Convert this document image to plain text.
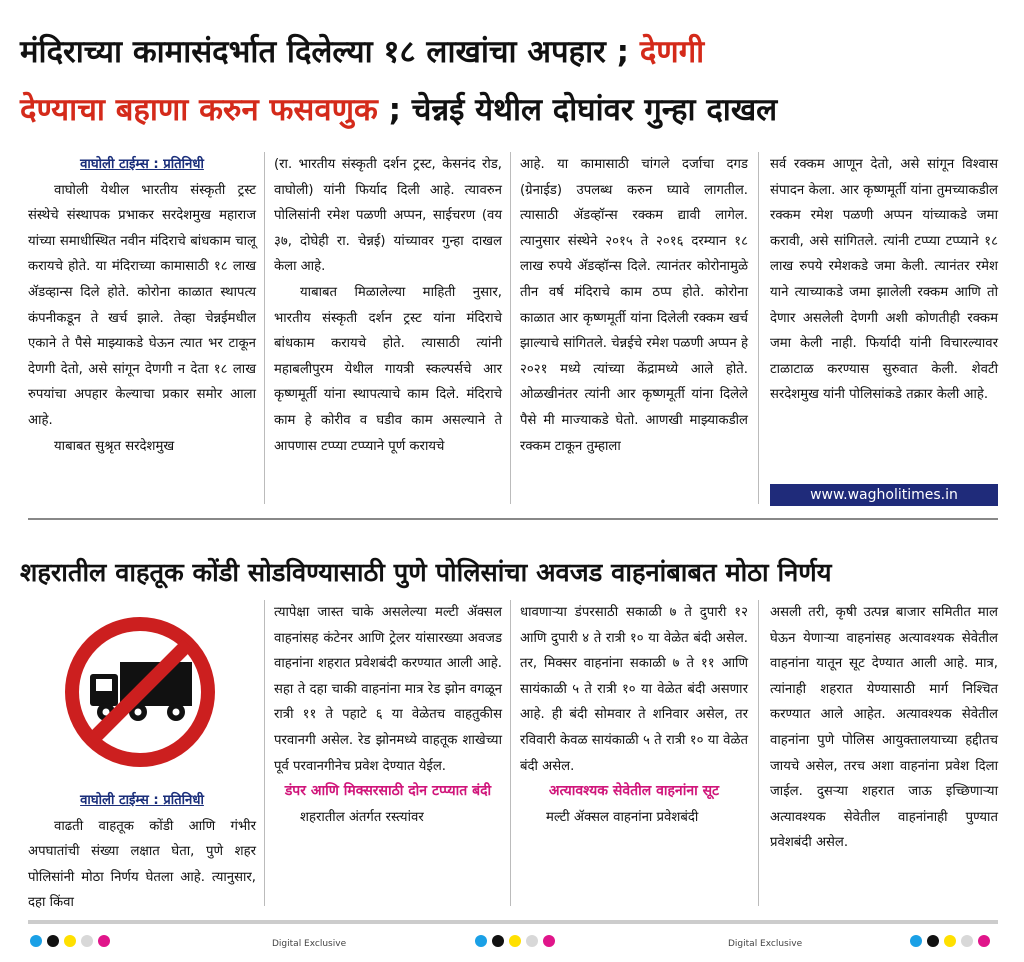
मंदिराच्या कामासंदर्भात दिलेल्या १८ लाखांचा अपहार ; देणगी
देण्याचा बहाणा करुन फसवणुक ; चेन्नई येथील दोघांवर गुन्हा दाखल
वाघोली टाईम्स : प्रतिनिधी

वाघोली येथील भारतीय संस्कृती ट्रस्ट संस्थेचे संस्थापक प्रभाकर सरदेशमुख महाराज यांच्या समाधीस्थित नवीन मंदिराचे बांधकाम चालू करायचे होते. या मंदिराच्या कामासाठी १८ लाख ॲडव्हान्स दिले होते. कोरोना काळात स्थापत्य कंपनीकडून ते खर्च झाले. तेव्हा चेन्नईमधील एकाने ते पैसे माझ्याकडे घेऊन त्यात भर टाकून देणगी देतो, असे सांगून देणगी न देता १८ लाख रुपयांचा अपहार केल्याचा प्रकार समोर आला आहे.

याबाबत सुश्रृत सरदेशमुख

(रा. भारतीय संस्कृती दर्शन ट्रस्ट, केसनंद रोड, वाघोली) यांनी फिर्याद दिली आहे. त्यावरुन पोलिसांनी रमेश पळणी अप्पन, साईचरण (वय ३७, दोघेही रा. चेन्नई) यांच्यावर गुन्हा दाखल केला आहे.

याबाबत मिळालेल्या माहिती नुसार, भारतीय संस्कृती दर्शन ट्रस्ट यांना मंदिराचे बांधकाम करायचे होते. त्यासाठी त्यांनी महाबलीपुरम येथील गायत्री स्कल्पर्सचे आर कृष्णमूर्ती यांना स्थापत्याचे काम दिले. मंदिराचे काम हे कोरीव व घडीव काम असल्याने ते आपणास टप्प्या टप्प्याने पूर्ण करायचे

आहे. या कामासाठी चांगले दर्जाचा दगड (ग्रेनाईड) उपलब्ध करुन घ्यावे लागतील. त्यासाठी ॲडव्हॉन्स रक्कम द्यावी लागेल. त्यानुसार संस्थेने २०१५ ते २०१६ दरम्यान १८ लाख रुपये ॲडव्हॉन्स दिले. त्यानंतर कोरोनामुळे तीन वर्ष मंदिराचे काम ठप्प होते. कोरोना काळात आर कृष्णमूर्ती यांना दिलेली रक्कम खर्च झाल्याचे सांगितले. चेन्नईचे रमेश पळणी अप्पन हे २०२१ मध्ये त्यांच्या केंद्रामध्ये आले होते. ओळखीनंतर त्यांनी आर कृष्णमूर्ती यांना दिलेले पैसे मी माज्याकडे घेतो. आणखी माझ्याकडील रक्कम टाकून तुम्हाला

सर्व रक्कम आणून देतो, असे सांगून विश्वास संपादन केला. आर कृष्णमूर्ती यांना तुमच्याकडील रक्कम रमेश पळणी अप्पन यांच्याकडे जमा करावी, असे सांगितले. त्यांनी टप्प्या टप्प्याने १८ लाख रुपये रमेशकडे जमा केली. त्यानंतर रमेश याने त्याच्याकडे जमा झालेली रक्कम आणि तो देणार असलेली देणगी अशी कोणतीही रक्कम जमा केली नाही. फिर्यादी यांनी विचारल्यावर टाळाटाळ करण्यास सुरुवात केली. शेवटी सरदेशमुख यांनी पोलिसांकडे तक्रार केली आहे.

www.wagholitimes.in
शहरातील वाहतूक कोंडी सोडविण्यासाठी पुणे पोलिसांचा अवजड वाहनांबाबत मोठा निर्णय
वाघोली टाईम्स : प्रतिनिधी

वाढती वाहतूक कोंडी आणि गंभीर अपघातांची संख्या लक्षात घेता, पुणे शहर पोलिसांनी मोठा निर्णय घेतला आहे. त्यानुसार, दहा किंवा

त्यापेक्षा जास्त चाके असलेल्या मल्टी ॲक्सल वाहनांसह कंटेनर आणि ट्रेलर यांसारख्या अवजड वाहनांना शहरात प्रवेशबंदी करण्यात आली आहे. सहा ते दहा चाकी वाहनांना मात्र रेड झोन वगळून रात्री ११ ते पहाटे ६ या वेळेतच वाहतुकीस परवानगी असेल. रेड झोनमध्ये वाहतूक शाखेच्या पूर्व परवानगीनेच प्रवेश देण्यात येईल.

डंपर आणि मिक्सरसाठी दोन टप्प्यात बंदी

शहरातील अंतर्गत रस्त्यांवर

धावणाऱ्या डंपरसाठी सकाळी ७ ते दुपारी १२ आणि दुपारी ४ ते रात्री १० या वेळेत बंदी असेल. तर, मिक्सर वाहनांना सकाळी ७ ते ११ आणि सायंकाळी ५ ते रात्री १० या वेळेत बंदी असणार आहे. ही बंदी सोमवार ते शनिवार असेल, तर रविवारी केवळ सायंकाळी ५ ते रात्री १० या वेळेत बंदी असेल.

अत्यावश्यक सेवेतील वाहनांना सूट

मल्टी ॲक्सल वाहनांना प्रवेशबंदी

असली तरी, कृषी उत्पन्न बाजार समितीत माल घेऊन येणाऱ्या वाहनांसह अत्यावश्यक सेवेतील वाहनांना यातून सूट देण्यात आली आहे. मात्र, त्यांनाही शहरात येण्यासाठी मार्ग निश्चित करण्यात आले आहेत. अत्यावश्यक सेवेतील वाहनांना पुणे पोलिस आयुक्तालयाच्या हद्दीतच जायचे असेल, तरच अशा वाहनांना प्रवेश दिला जाईल. दुसऱ्या शहरात जाऊ इच्छिणाऱ्या अत्यावश्यक सेवेतील वाहनांनाही पुण्यात प्रवेशबंदी असेल.

Digital Exclusive	Digital Exclusive
